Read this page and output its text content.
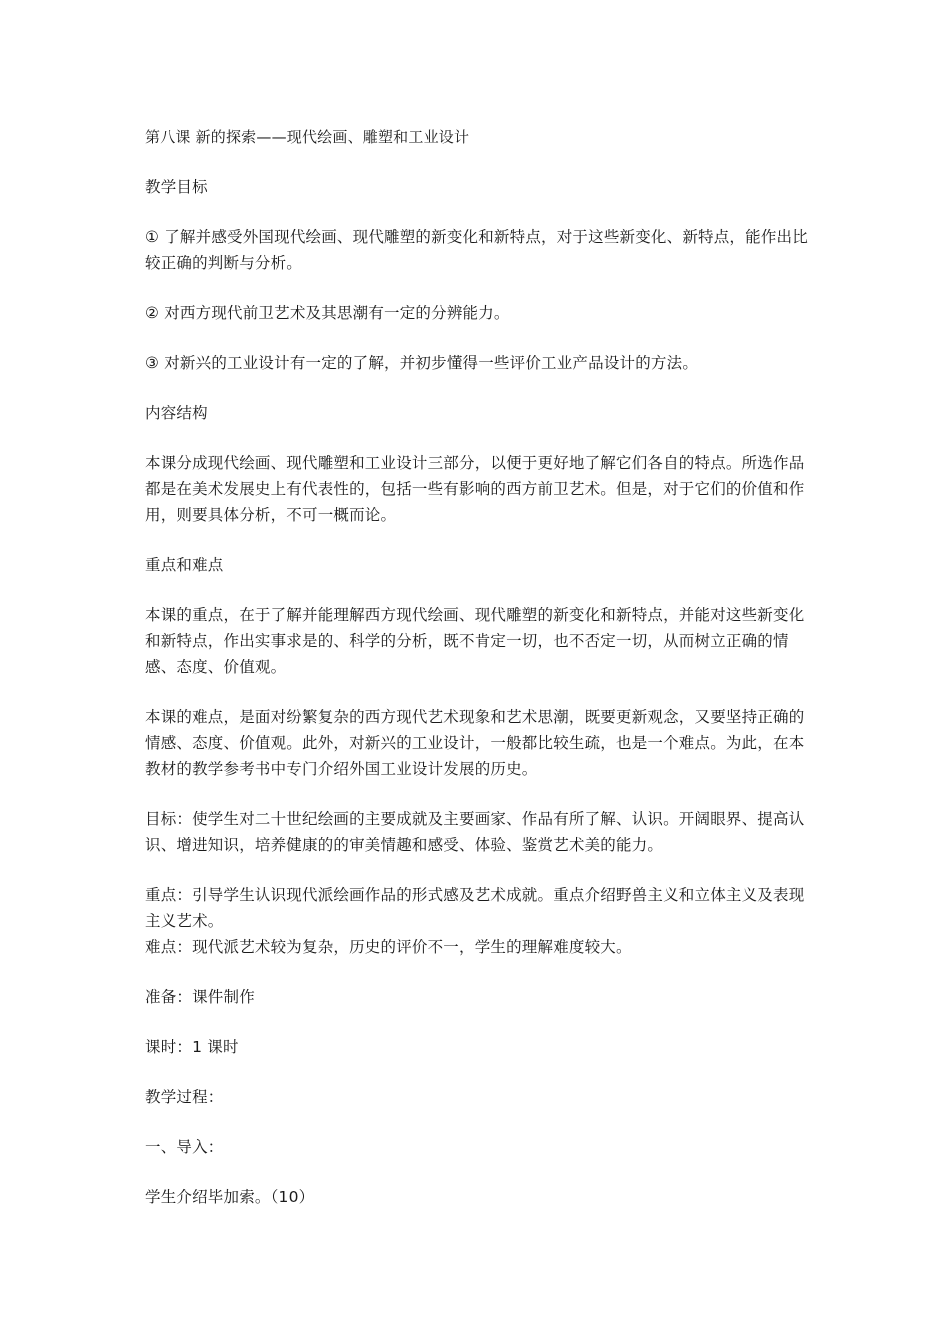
第八课 新的探索——现代绘画、雕塑和工业设计

教学目标

① 了解并感受外国现代绘画、现代雕塑的新变化和新特点，对于这些新变化、新特点，能作出比较正确的判断与分析。

② 对西方现代前卫艺术及其思潮有一定的分辨能力。

③ 对新兴的工业设计有一定的了解，并初步懂得一些评价工业产品设计的方法。

内容结构

本课分成现代绘画、现代雕塑和工业设计三部分，以便于更好地了解它们各自的特点。所选作品都是在美术发展史上有代表性的，包括一些有影响的西方前卫艺术。但是，对于它们的价值和作用，则要具体分析，不可一概而论。

重点和难点

本课的重点，在于了解并能理解西方现代绘画、现代雕塑的新变化和新特点，并能对这些新变化和新特点，作出实事求是的、科学的分析，既不肯定一切，也不否定一切，从而树立正确的情感、态度、价值观。

本课的难点，是面对纷繁复杂的西方现代艺术现象和艺术思潮，既要更新观念，又要坚持正确的情感、态度、价值观。此外，对新兴的工业设计，一般都比较生疏，也是一个难点。为此，在本教材的教学参考书中专门介绍外国工业设计发展的历史。

目标：使学生对二十世纪绘画的主要成就及主要画家、作品有所了解、认识。开阔眼界、提高认识、增进知识，培养健康的的审美情趣和感受、体验、鉴赏艺术美的能力。

重点：引导学生认识现代派绘画作品的形式感及艺术成就。重点介绍野兽主义和立体主义及表现主义艺术。

难点：现代派艺术较为复杂，历史的评价不一，学生的理解难度较大。

准备：课件制作

课时：1 课时

教学过程：

一、导入：

学生介绍毕加索。（10）
